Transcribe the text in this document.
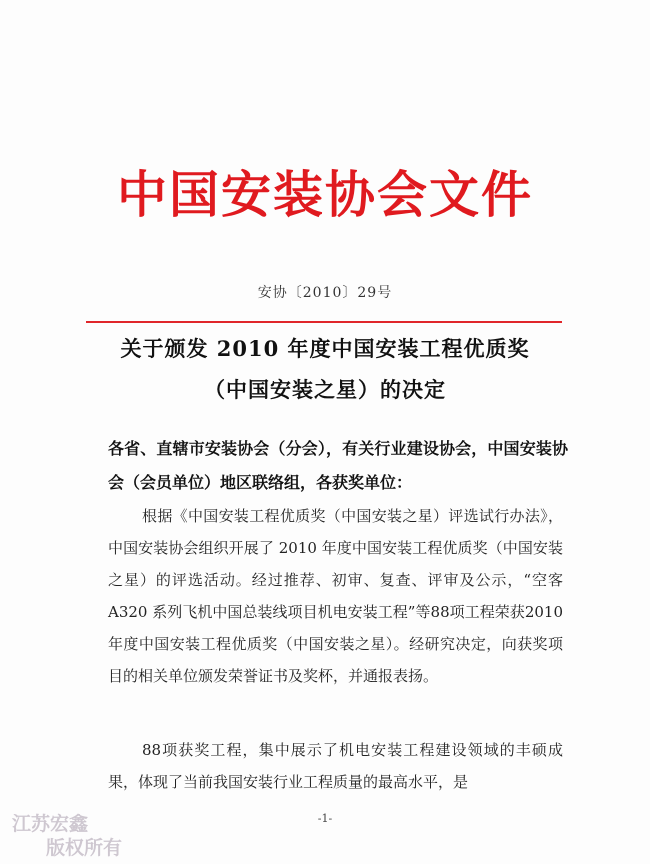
中国安装协会文件
安协〔2010〕29号
关于颁发 2010 年度中国安装工程优质奖
（中国安装之星）的决定
各省、直辖市安装协会（分会），有关行业建设协会，中国安装协会（会员单位）地区联络组，各获奖单位：
根据《中国安装工程优质奖（中国安装之星）评选试行办法》，中国安装协会组织开展了 2010 年度中国安装工程优质奖（中国安装之星）的评选活动。经过推荐、初审、复查、评审及公示，“空客 A320 系列飞机中国总装线项目机电安装工程”等88项工程荣获2010年度中国安装工程优质奖（中国安装之星）。经研究决定，向获奖项目的相关单位颁发荣誉证书及奖杯，并通报表扬。
88项获奖工程，集中展示了机电安装工程建设领域的丰硕成果，体现了当前我国安装行业工程质量的最高水平，是
-1-
江苏宏鑫
版权所有
